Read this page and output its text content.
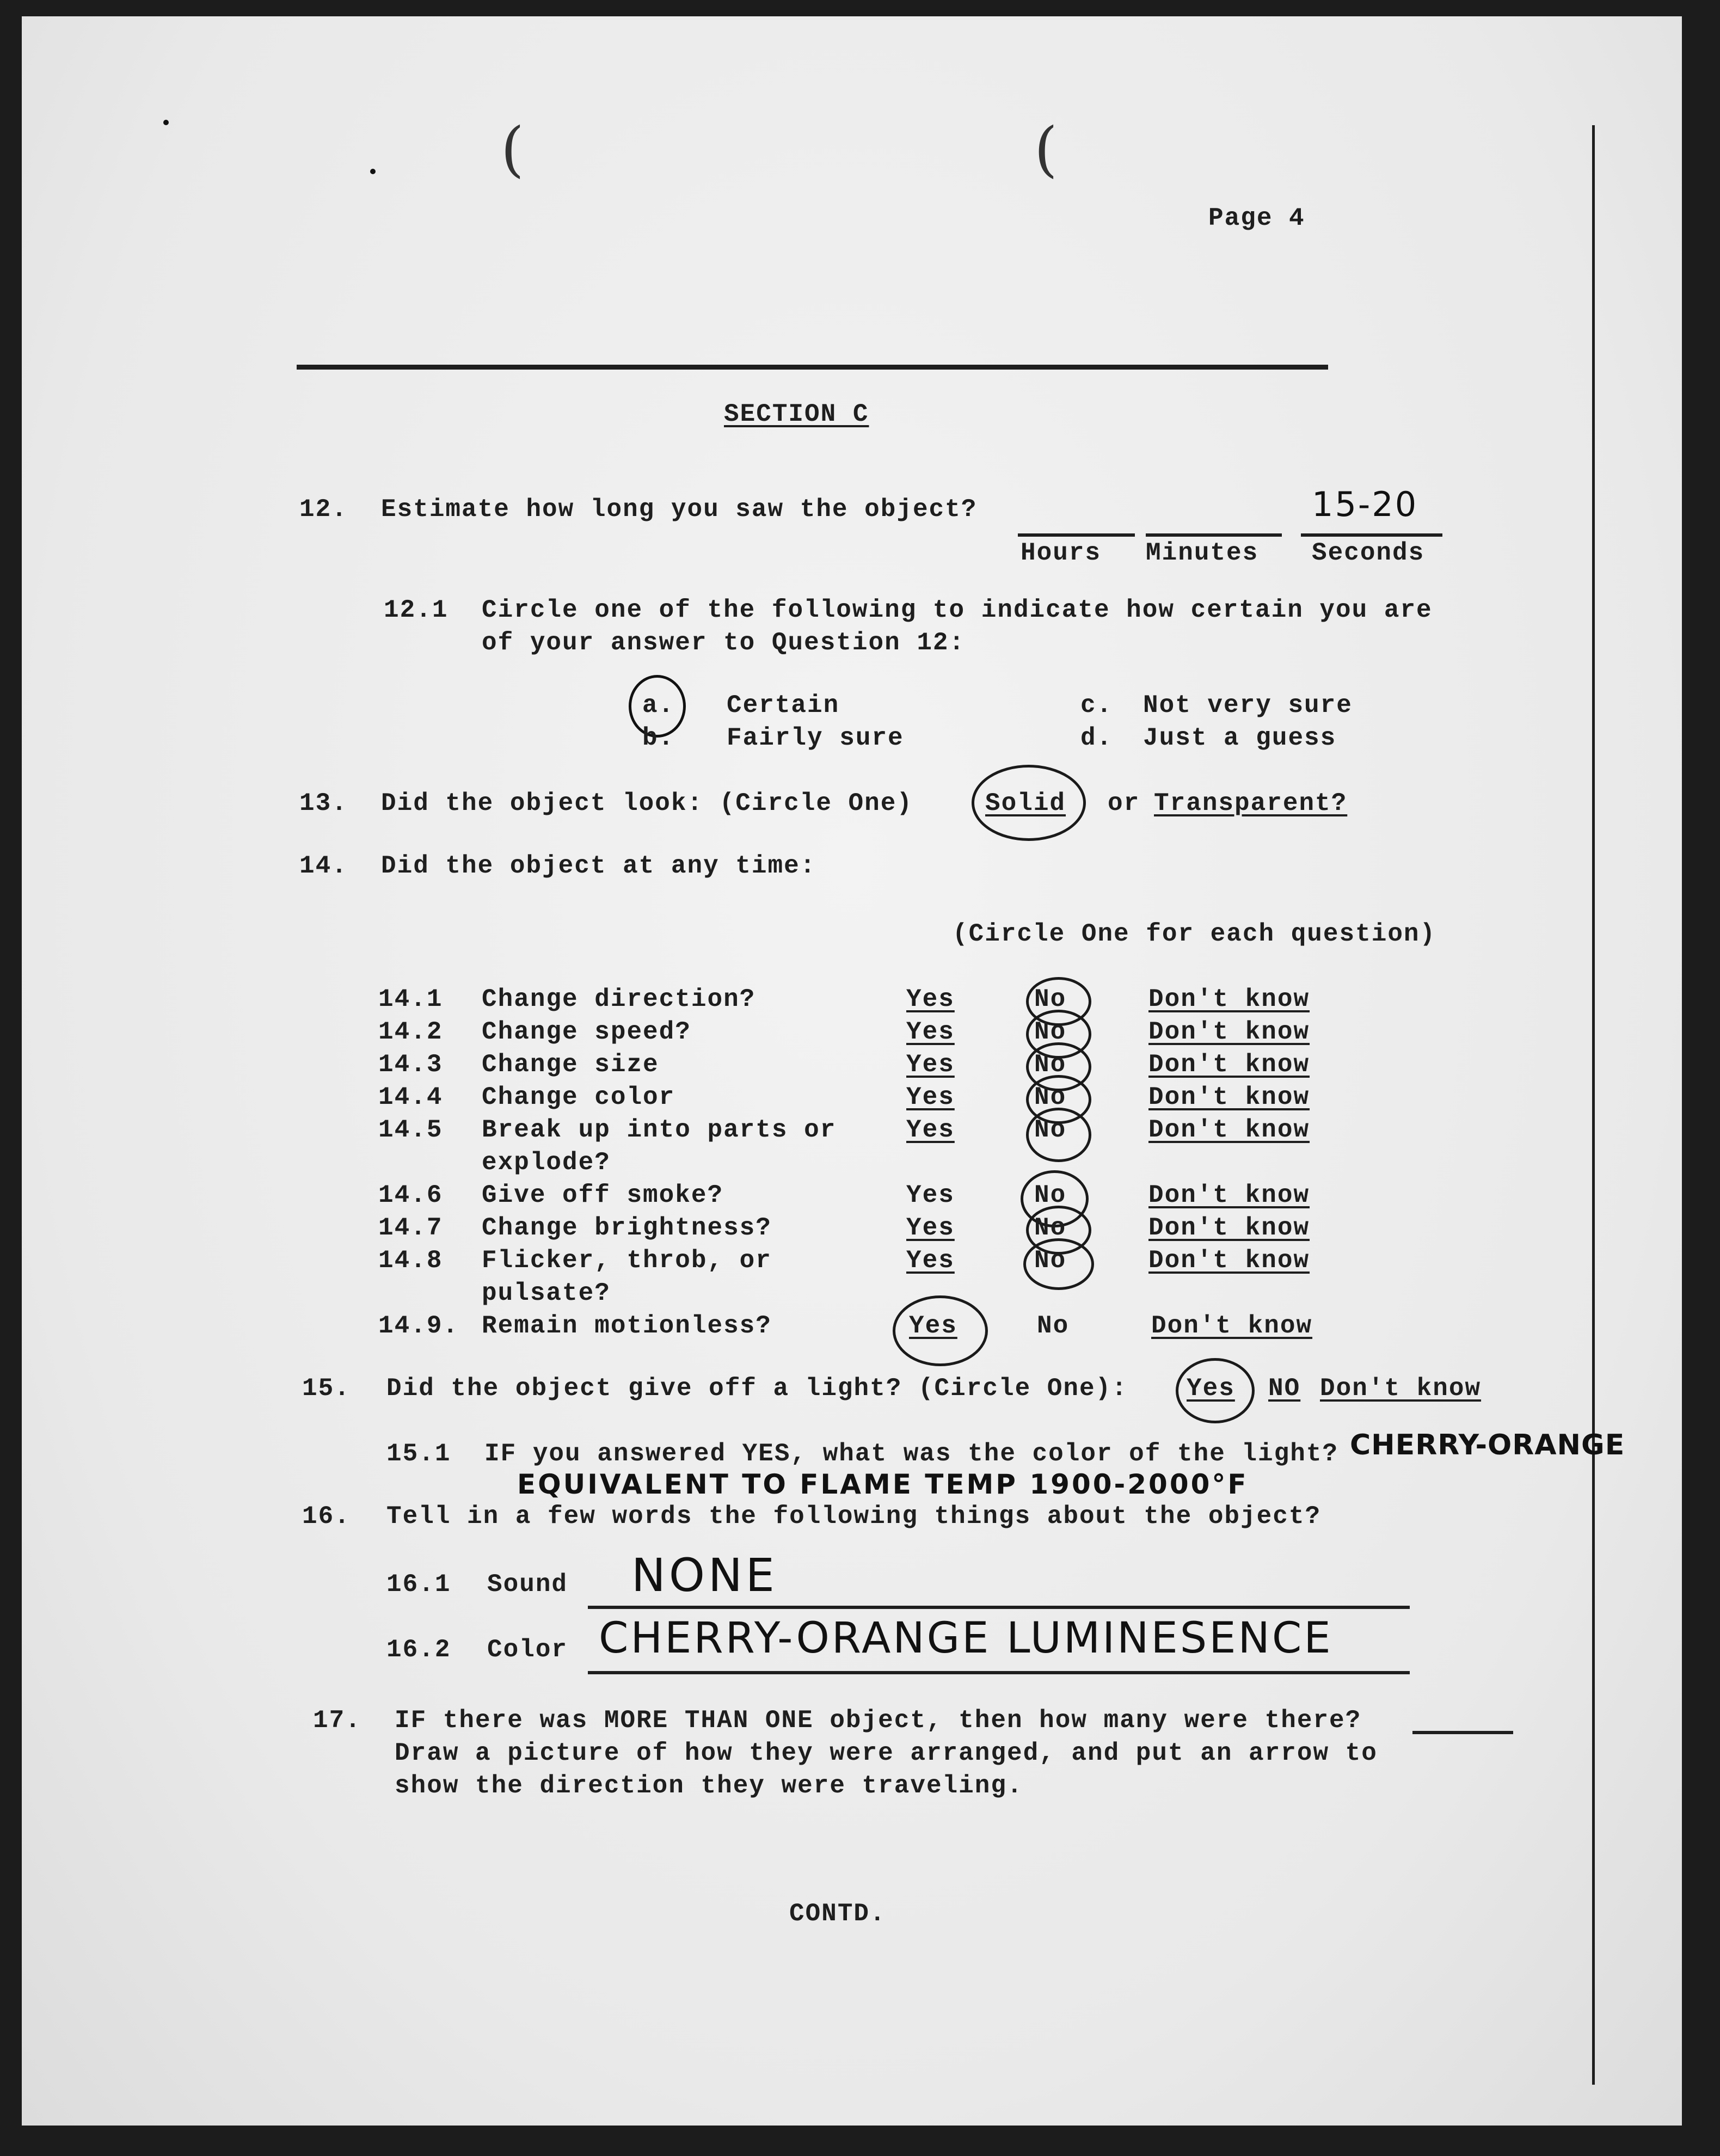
(	(
Page 4
SECTION C
12. Estimate how long you saw the object?	15-20
Hours Minutes Seconds
12.1 Circle one of the following to indicate how certain you are
of your answer to Question 12:
a. Certain
b. Fairly sure
c. Not very sure
d. Just a guess
13. Did the object look: (Circle One)	Solid or Transparent?
14. Did the object at any time:
(Circle One for each question)
14.1 Change direction?	Yes	No	Don't know
14.2 Change speed?	Yes	No	Don't know
14.3 Change size	Yes	No	Don't know
14.4 Change color	Yes	No	Don't know
14.5 Break up into parts or
explode?
Yes	No	Don't know
14.6 Give off smoke?	Yes	No	Don't know
14.7 Change brightness?	Yes	No	Don't know
14.8 Flicker, throb, or
pulsate?
Yes	No	Don't know
14.9. Remain motionless?	Yes	No	Don't know
15. Did the object give off a light? (Circle One): Yes NO Don't know
15.1 IF you answered YES, what was the color of the light? CHERRY-ORANGE
EQUIVALENT TO FLAME TEMP 1900-2000°F
16. Tell in a few words the following things about the object?
16.1 Sound NONE
16.2 Color CHERRY-ORANGE LUMINESENCE
17. IF there was MORE THAN ONE object, then how many were there?
Draw a picture of how they were arranged, and put an arrow to
show the direction they were traveling.
CONTD.
